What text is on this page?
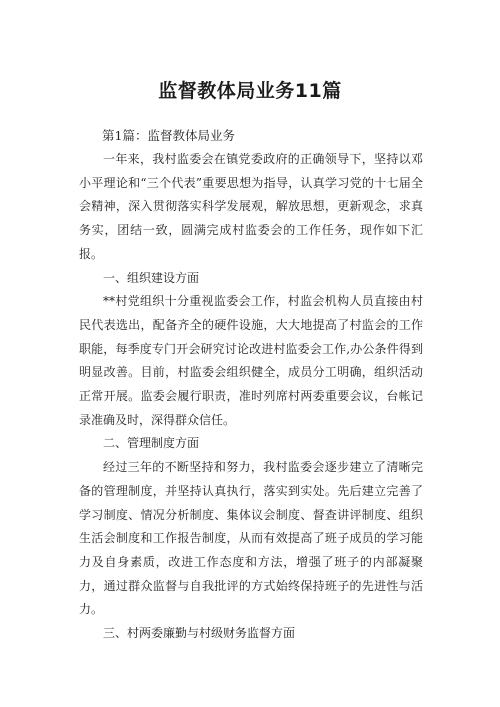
监督教体局业务11篇
第1篇：监督教体局业务

一年来，我村监委会在镇党委政府的正确领导下，坚持以邓小平理论和“三个代表”重要思想为指导，认真学习党的十七届全会精神，深入贯彻落实科学发展观，解放思想，更新观念，求真务实，团结一致，圆满完成村监委会的工作任务，现作如下汇报。

一、组织建设方面

**村党组织十分重视监委会工作，村监会机构人员直接由村民代表选出，配备齐全的硬件设施，大大地提高了村监会的工作职能，每季度专门开会研究讨论改进村监委会工作,办公条件得到明显改善。目前，村监委会组织健全，成员分工明确，组织活动正常开展。监委会履行职责，准时列席村两委重要会议，台帐记录准确及时，深得群众信任。

二、管理制度方面

经过三年的不断坚持和努力，我村监委会逐步建立了清晰完备的管理制度，并坚持认真执行，落实到实处。先后建立完善了学习制度、情况分析制度、集体议会制度、督查讲评制度、组织生活会制度和工作报告制度，从而有效提高了班子成员的学习能力及自身素质，改进工作态度和方法，增强了班子的内部凝聚力，通过群众监督与自我批评的方式始终保持班子的先进性与活力。

三、村两委廉勤与村级财务监督方面
